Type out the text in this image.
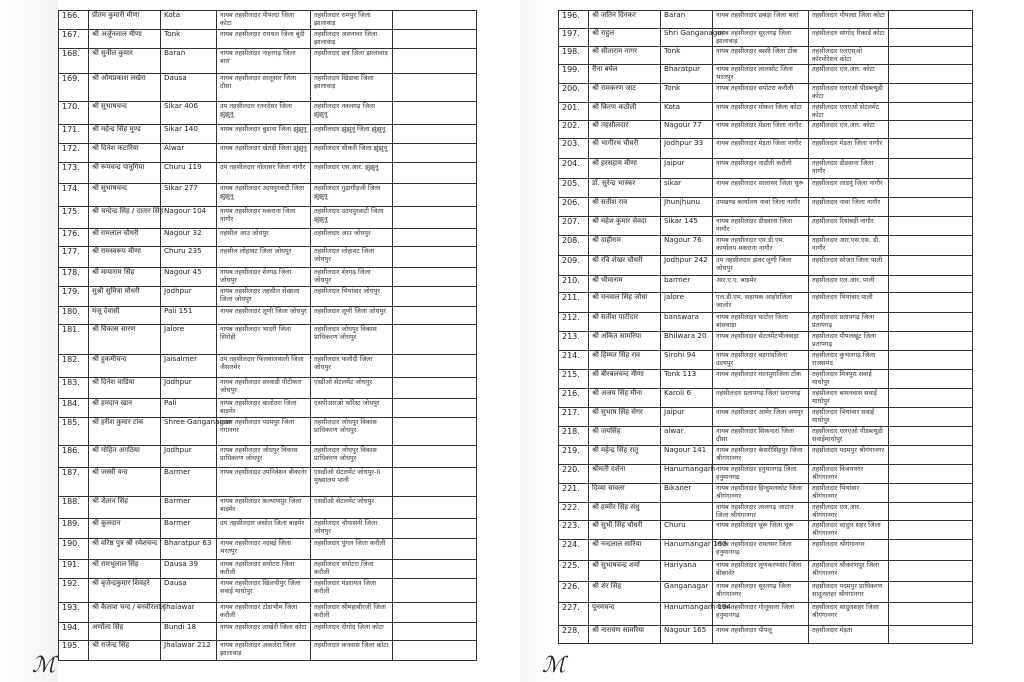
166.	प्रीतम कुमारी मीणा	Kota	नायब तहसीलदार पीपल्दा जिला कोटा	तहसीलदार रामपुर जिला झालावाड़	
167.	श्री अर्जुनलाल मीणा	Tonk	नायब तहसीलदार रायथल जिला बूंदी	तहसीलदार असनावर जिला झालावाड़	
168.	श्री सुनील कुमार	Baran	नायब तहसीलदार नाहरगढ़ जिला बारां	तहसीलदार छत्र जिला झालावाड़	
169.	श्री ओमप्रकाश लखेरा	Dausa	नायब तहसीलदार सालूसार जिला दौसा	तहसीलदार खिडावा जिला झालावाड़	
170.	श्री सुभाषचन्द	Sikar 406	उप तहसीलदार रतनदेसर जिला झुंझुनू	तहसीलदार नवलगढ़ जिला झुंझुनू	
171.	श्री महेन्द्र सिंह मुण्ड	Sikar 140	नायब तहसीलदार बुडाना जिला झुंझुनू	तहसीलदार झुंझुनू जिला झुंझुनू	
172.	श्री दिनेश कटारिया	Alwar	नायब तहसीलदार खेतड़ी जिला झुंझुनू	तहसीलदार सीकरी जिला झुंझुनू	
173.	श्री रूपचन्द्र पानुगिया	Churu 119	उप तहसीलदार गोलासर जिला नागौर	तहसीलदार एस.आर. झुंझुनू	
174.	श्री सुभाषचन्द	Sikar 277	नायब तहसीलदार उदयपुरवाटी जिला झुंझुनू	तहसीलदार गुढ़ागौड़जी जिला झुंझुनू	
175.	श्री चन्देन्द्र सिंह / दातार सिंह	Nagour 104	नायब तहसीलदार मकराना जिला नागौर	तहसीलदार उदयपुरवाटी जिला झुंझुनू	
176.	श्री रामलाल चौधरी	Nagour 32	तहसील आउ जोधपुर	तहसीलदार आउ जोधपुर	
177.	श्री रामस्वरूप मीणा	Churu 235	तहसील लोहावट जिला जोधपुर	तहसीलदार लोहावट जिला जोधपुर	
178.	श्री मायाराम सिंह	Nagour 45	नायब तहसीलदार शेरगढ़ जिला जोधपुर	तहसीलदार शेरगढ़ जिला जोधपुर	
179.	सुश्री सुमित्रा चौधरी	Jodhpur	नायब तहसीलदार तहसील सेखाला जिला जोधपुर	तहसीलदार भियांवार जोधपुर	
180.	मंजू देवासी	Pali 151	नायब तहसीलदार लूणी जिला जोधपुर	तहसीलदार लूणी जिला जोधपुर	
181.	श्री विकास सारण	Jalore	नायब तहसीलदार भादरी जिला सिरोही	तहसीलदार जोधपुर विकास प्राधिकरण जोधपुर	
182.	श्री हुकमीचन्द	Jaisalmer	उप तहसीलदार फिलवालवाली जिला जैसलमेर	तहसीलदार फलौदी जिला जोधपुर	
183.	श्री दिनेश वाडिया	Jodhpur	नायब तहसीलदार सरवाडी पीटीकार जोधपुर	एस्डीओ सेटलमेंट जोधपुर	
184.	श्री हमदान खान	Pali	नायब तहसीलदार बालोतरा जिला बाड़मेर	एसपीआरओ फॉरेस्ट जोधपुर	
185.	श्री हरीश कुमार टांक	Shree Ganganagar	नायब तहसीलदार पदमपुर जिला गंगानगर	तहसीलदार जोधपुर विकास प्राधिकरण जोधपुर	
186.	श्री मोहित अंगठिया	Jodhpur	नायब तहसीलदार जोधपुर विकास प्राधिकरण जोधपुर	तहसीलदार जोधपुर विकास प्राधिकरण जोधपुर	
187.	श्री जस्सी वन्द	Barmer	नायब तहसीलदार उपनिवेशन बीकानेर	एसडीओ सेटलमेंट जोधपुर-II मुख्यालय पाली	
188.	श्री शैतान सिंह	Barmer	नायब तहसीलदार कल्याणपुर जिला बाड़मेर	एसडीओ सेटलमेंट जोधपुर	
189.	श्री कुलदान	Barmer	उप तहसीलदार जसोल जिला बाड़मेर	तहसीलदार चौपासनी जिला जोधपुर	
190.	श्री वरिष्ठ पुत्र श्री रमेशचन्द	Bharatpur 63	नायब तहसीलदार नदबई जिला भरतपुर	तहसीलदार पूंगल जिला करौली	
191.	श्री रामभूलाल सिंह	Dausa 39	नायब तहसीलदार सपोटरा जिला करौली	तहसीलदार सपोटरा जिला करौली	
192.	श्री बृजेन्द्रकुमार शिवहरे	Dausa	नायब तहसीलदार खिलचीपुर जिला सवाई माधोपुर	तहसीलदार मंडरायल जिला करौली	
193.	श्री कैलाश चन्द / बनवीरलाल	Jhalawar	नायब तहसीलदार टोडाभीम जिला करौली	तहसीलदार श्रीमहावीरजी जिला करौली	
194.	अर्णोला सिंह	Bundi 18	नायब तहसीलदार लाखेरी जिला कोटा	तहसीलदार दीगोद जिला कोटा	
195.	श्री राजेन्द्र सिंह	Jhalawar 212	नायब तहसीलदार अकलेरा जिला झालावाड़	तहसीलदार कनवास जिला कोटा	
196.	श्री जतिन दिनकर	Baran	नायब तहसीलदार छबड़ा जिला बारां	तहसीलदार पीपल्दा जिला कोटा	
197.	श्री राहुल	Shri Ganganagar	नायब तहसीलदार सूरतगढ़ जिला झालावाड़	तहसीलदार सांगोद रिकार्ड कोटा	
198.	श्री सीताराम नागर	Tonk	नायब तहसीलदार बस्सी जिला टोंक	तहसीलदार एलएस्ओ कॉरपोरेशन कोटा	
199.	रीना बघेल	Bharatpur	नायब तहसीलदार लालसोट जिला भरतपुर	तहसीलदार एल.आर. कोटा	
200.	श्री रामकरण जाट	Tonk	नायब तहसीलदार सपोटरा करौली	तहसीलदार एलएओ पीडब्ल्यूडी कोटा	
201.	श्री किरण कठौली	Kota	नायब तहसीलदार मोकल जिला कोटा	तहसीलदार एलएओ सेटलमेंट कोटा	
202.	श्री तहसीलदार	Nagour 77	नायब तहसीलदार मेडता जिला नागौर	तहसीलदार एल.आर. कोटा	
203.	श्री भागीरथ चौधरी	Jodhpur 33	नायब तहसीलदार मेड़ता जिला नागौर	तहसीलदार मेड़ता जिला नागौर	
204.	श्री हरसहाय मीणा	Jaipur	नायब तहसीलदार नादौती करौली	तहसीलदार डीडवाना जिला नागौर	
205.	डॉ. सुरेन्द्र भास्कर	sikar	नायब तहसीलदार सालासर जिला चूरू	तहसीलदार लाडनूं जिला नागौर	
206.	श्री सतीश राव	Jhunjhunu	उपखण्ड कार्यालय नावां जिला नागौर	तहसीलदार नावां जिला नागौर	
207.	श्री महेश कुमार सेवदा	Sikar 145	नायब तहसीलदार डीडवाना जिला नागौर	तहसीलदार रियांबड़ी नागौर	
208.	श्री दाहीराम	Nagour 76	नायब तहसीलदार एम.डी.एम. कार्यालय मकराना नागौर	तहसीलदार आर.एस.एस. डी. नागौर	
209.	श्री रवि शेखर चौधरी	Jodhpur 242	उप तहसीलदार झंवर लूणी जिला जोधपुर	तहसीलदार सोजत जिला पाली	
210.	श्री भीमाराम	barmer	आर.ए.ए. बाड़मेर	तहसीलदार एल.आर. पाली	
211.	श्री मनवाल सिंह जोधा	jalore	एल.डी.एम. सहायक आहोरजिला जालोर	तहसीलदार भियांवार पाली	
212.	श्री सतीश पाटीदार	banswara	नायब तहसीलदार घाटोल जिला बांसवाड़ा	तहसीलदार प्रतापगढ़ जिला प्रतापगढ़	
213.	श्री अंकित सामरिया	Bhilwara 20	नायब तहसीलदार सेटलमेंटभीलवाड़ा	तहसीलदार पीपलखूंट जिला प्रतापगढ़	
214.	श्री हिम्मत सिंह राव	Sirohi 94	नायब तहसीलदार बड़गांवजिला उदयपुर	तहसीलदार कुंभलगढ़ जिला राजसमंद	
215.	श्री बीरबलचन्द मीणा	Tonk 113	नायब तहसीलदार मालपुराजिला टोंक	तहसीलदार मित्रपुरा सवाई माधोपुर	
216.	श्री अजय सिंह मीना	Karoli 6	तहसीलदार प्रतापगढ़ जिला प्रतापगढ़	तहसीलदार बामनवास सवाई माधोपुर	
217.	श्री सुभाष सिंह सेगर	Jaipur	नायब तहसीलदार आमेर जिला जयपुर	तहसीलदार भियांवार सवाई माधोपुर	
218.	श्री जयसिंह	alwar	नायब तहसीलदार सिकन्दरा जिला दौसा	तहसीलदार एलएओ पीडब्ल्यूडी सवाईमाधोपुर	
219.	श्री महेन्द्र सिंह रातू	Nagour 141	नायब तहसीलदार केसरीसिंहपुर जिला श्रीगंगानगर	तहसीलदार पदमपुर श्रीगंगानगर	
220.	श्रीमती दर्शना	Hanumangarh	नायब तहसीलदार हनुमानगढ़ जिला हनुमानगढ़	तहसीलदार विजयनगर श्रीगंगानगर	
221.	दिव्या चावला	Bikaner	नायब तहसीलदार हिन्दुमलकोट जिला श्रीगंगानगर	तहसीलदार भियांवार श्रीगंगानगर	
222.	श्री हम्मीर सिंह संधु		नायब तहसीलदार लालगढ़ जाटान जिला श्रीगंगानगर	तहसीलदार एल.आर. श्रीगंगानगर	
223.	श्री सुभी सिंह चौधरी	Churu	नायब तहसीलदार चूरू जिला चूरू	तहसीलदार सादुल शहर जिला श्रीगंगानगर	
224.	श्री नन्दलाल सारिया	Hanumangar 163	नायब तहसीलदार रावतसर जिला हनुमानगढ़	तहसीलदार श्रीगंगानगर	
225.	श्री सुभाषचन्द्र शर्मा	Hariyana	नायब तहसीलदार लूणकरणसर जिला बीकानेर	तहसीलदार श्रीकरणपुर जिला श्रीगंगानगर	
226.	श्री शेर सिंह	Ganganagar	नायब तहसीलदार सूरतगढ़ जिला श्रीगंगानगर	तहसीलदार पदमपुर प्राधिकरण सादुलशहर श्रीगंगानगर	
227.	पूनमचन्द	Hanumangarh 194	नायब तहसीलदार गोलूवाला जिला हनुमानगढ़	तहसीलदार सादुलशहर जिला श्रीगंगानगर	
228.	श्री नारायण सामरिया	Nagour 165	नायब तहसीलदार पीपलू	तहसीलदार मेड़ता	
ℳ	ℳ
